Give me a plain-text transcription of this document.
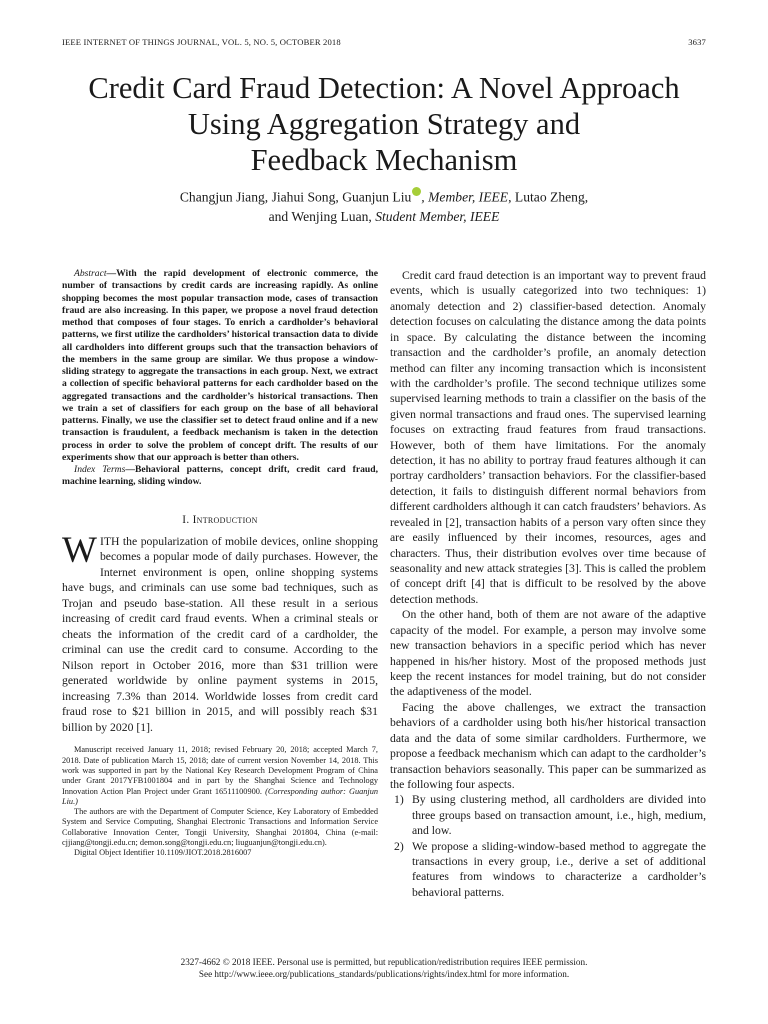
IEEE INTERNET OF THINGS JOURNAL, VOL. 5, NO. 5, OCTOBER 2018	3637
Credit Card Fraud Detection: A Novel Approach
Using Aggregation Strategy and
Feedback Mechanism
Changjun Jiang, Jiahui Song, Guanjun Liu , Member, IEEE, Lutao Zheng,
and Wenjing Luan, Student Member, IEEE

Abstract—With the rapid development of electronic commerce, the number of transactions by credit cards are increasing rapidly. As online shopping becomes the most popular transaction mode, cases of transaction fraud are also increasing. In this paper, we propose a novel fraud detection method that composes of four stages. To enrich a cardholder’s behavioral patterns, we first utilize the cardholders’ historical transaction data to divide all cardholders into different groups such that the transaction behaviors of the members in the same group are similar. We thus propose a window-sliding strategy to aggregate the transactions in each group. Next, we extract a collection of specific behavioral patterns for each cardholder based on the aggregated transactions and the cardholder’s historical transactions. Then we train a set of classifiers for each group on the base of all behavioral patterns. Finally, we use the classifier set to detect fraud online and if a new transaction is fraudulent, a feedback mechanism is taken in the detection process in order to solve the problem of concept drift. The results of our experiments show that our approach is better than others.

Index Terms—Behavioral patterns, concept drift, credit card fraud, machine learning, sliding window.

I. Introduction

WITH the popularization of mobile devices, online shopping becomes a popular mode of daily purchases. However, the Internet environment is open, online shopping systems have bugs, and criminals can use some bad techniques, such as Trojan and pseudo base-station. All these result in a serious increasing of credit card fraud events. When a criminal steals or cheats the information of the credit card of a cardholder, the criminal can use the credit card to consume. According to the Nilson report in October 2016, more than $31 trillion were generated worldwide by online payment systems in 2015, increasing 7.3% than 2014. Worldwide losses from credit card fraud rose to $21 billion in 2015, and will possibly reach $31 billion by 2020 [1].

Manuscript received January 11, 2018; revised February 20, 2018; accepted March 7, 2018. Date of publication March 15, 2018; date of current version November 14, 2018. This work was supported in part by the National Key Research Development Program of China under Grant 2017YFB1001804 and in part by the Shanghai Science and Technology Innovation Action Plan Project under Grant 16511100900. (Corresponding author: Guanjun Liu.)

The authors are with the Department of Computer Science, Key Laboratory of Embedded System and Service Computing, Shanghai Electronic Transactions and Information Service Collaborative Innovation Center, Tongji University, Shanghai 201804, China (e-mail: cjjiang@tongji.edu.cn; demon.song@tongji.edu.cn; liuguanjun@tongji.edu.cn).

Digital Object Identifier 10.1109/JIOT.2018.2816007

Credit card fraud detection is an important way to prevent fraud events, which is usually categorized into two techniques: 1) anomaly detection and 2) classifier-based detection. Anomaly detection focuses on calculating the distance among the data points in space. By calculating the distance between the incoming transaction and the cardholder’s profile, an anomaly detection method can filter any incoming transaction which is inconsistent with the cardholder’s profile. The second technique utilizes some supervised learning methods to train a classifier on the basis of the given normal transactions and fraud ones. The supervised learning focuses on extracting fraud features from fraud transactions. However, both of them have limitations. For the anomaly detection, it has no ability to portray fraud features although it can portray cardholders’ transaction behaviors. For the classifier-based detection, it fails to distinguish different normal behaviors from different cardholders although it can catch fraudsters’ behaviors. As revealed in [2], transaction habits of a person vary often since they are easily influenced by their incomes, resources, ages and characters. Thus, their distribution evolves over time because of seasonality and new attack strategies [3]. This is called the problem of concept drift [4] that is difficult to be resolved by the above detection methods.

On the other hand, both of them are not aware of the adaptive capacity of the model. For example, a person may involve some new transaction behaviors in a specific period which has never happened in his/her history. Most of the proposed methods just keep the recent instances for model training, but do not consider the adaptiveness of the model.

Facing the above challenges, we extract the transaction behaviors of a cardholder using both his/her historical transaction data and the data of some similar cardholders. Furthermore, we propose a feedback mechanism which can adapt to the cardholder’s transaction behaviors seasonally. This paper can be summarized as the following four aspects.

1) By using clustering method, all cardholders are divided into three groups based on transaction amount, i.e., high, medium, and low.
2) We propose a sliding-window-based method to aggregate the transactions in every group, i.e., derive a set of additional features from windows to characterize a cardholder’s behavioral patterns.
2327-4662 © 2018 IEEE. Personal use is permitted, but republication/redistribution requires IEEE permission.
See http://www.ieee.org/publications_standards/publications/rights/index.html for more information.
